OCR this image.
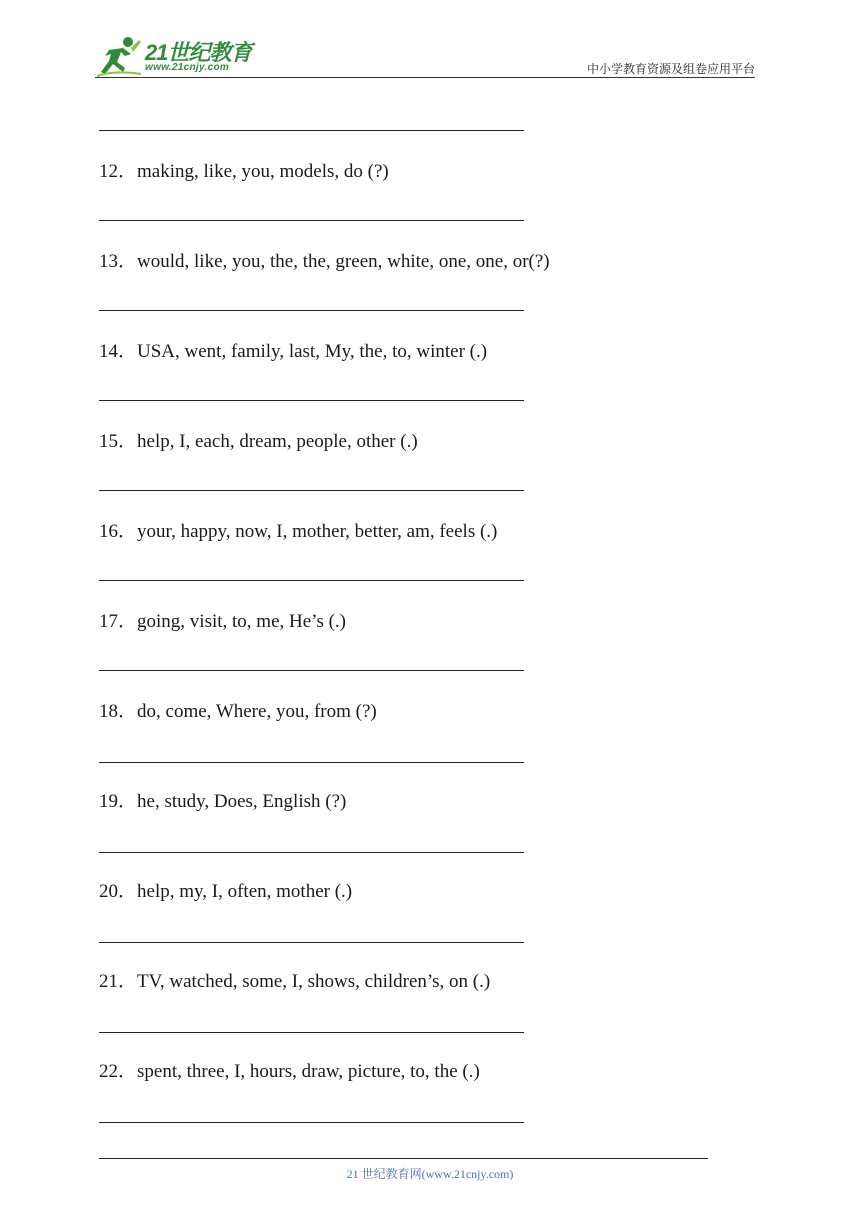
21世纪教育
www.21cnjy.com	中小学教育资源及组卷应用平台
12．making, like, you, models, do (?)
13．would, like, you, the, the, green, white, one, one, or(?)
14．USA, went, family, last, My, the, to, winter (.)
15．help, I, each, dream, people, other (.)
16．your, happy, now, I, mother, better, am, feels (.)
17．going, visit, to, me, He’s (.)
18．do, come, Where, you, from (?)
19．he, study, Does, English (?)
20．help, my, I, often, mother (.)
21．TV, watched, some, I, shows, children’s, on (.)
22．spent, three, I, hours, draw, picture, to, the (.)
21 世纪教育网(www.21cnjy.com)
